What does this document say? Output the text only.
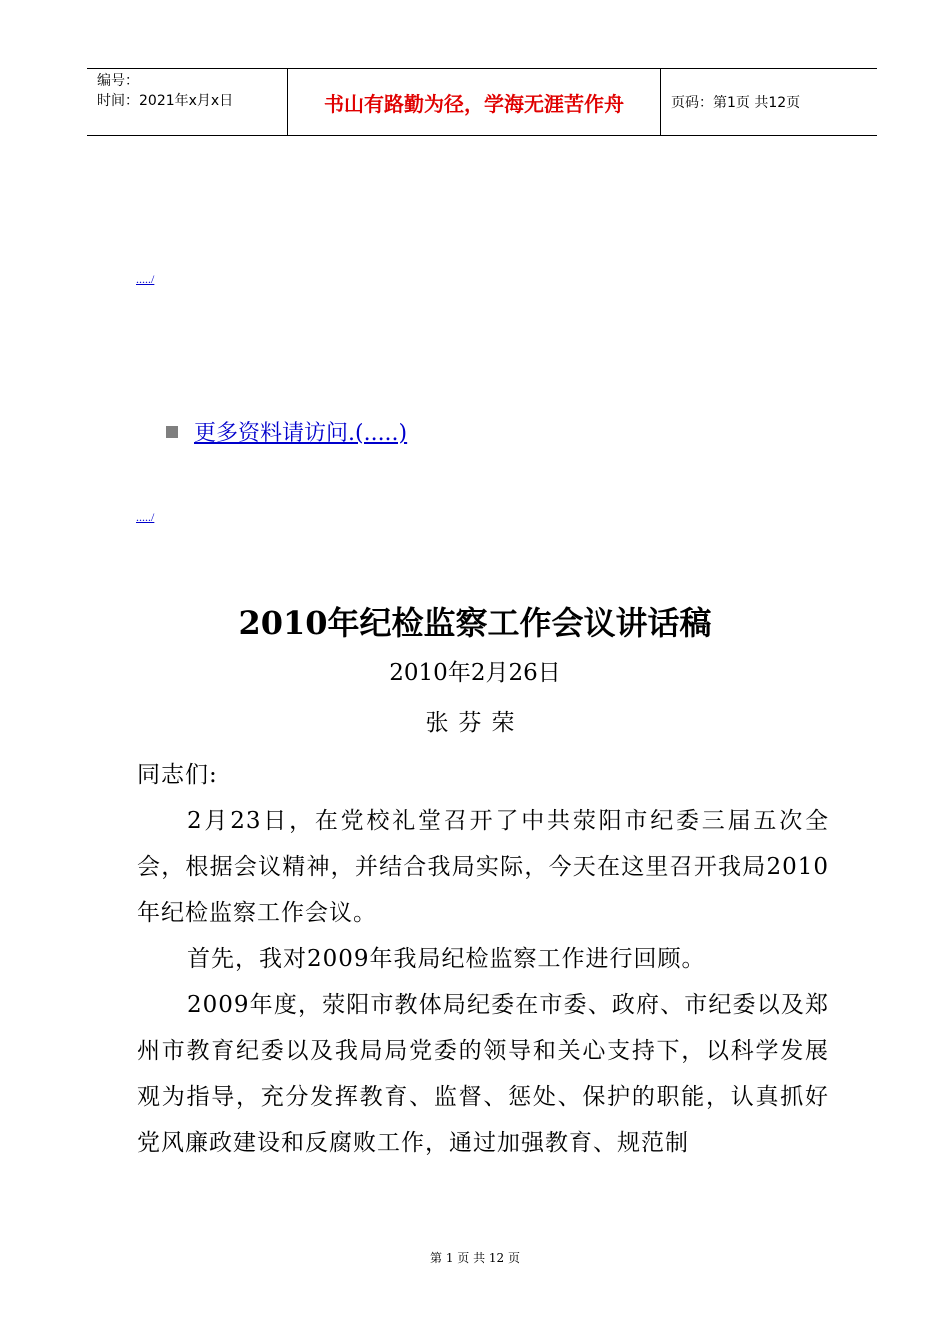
编号：
时间：2021年x月x日	书山有路勤为径，学海无涯苦作舟	页码：第1页 共12页
...../
更多资料请访问.(.....)
...../
2010年纪检监察工作会议讲话稿
2010年2月26日
张芬荣

同志们:

2月23日，在党校礼堂召开了中共荥阳市纪委三届五次全会，根据会议精神，并结合我局实际，今天在这里召开我局2010年纪检监察工作会议。

首先，我对2009年我局纪检监察工作进行回顾。

2009年度，荥阳市教体局纪委在市委、政府、市纪委以及郑州市教育纪委以及我局局党委的领导和关心支持下，以科学发展观为指导，充分发挥教育、监督、惩处、保护的职能，认真抓好党风廉政建设和反腐败工作，通过加强教育、规范制

第 1 页 共 12 页
